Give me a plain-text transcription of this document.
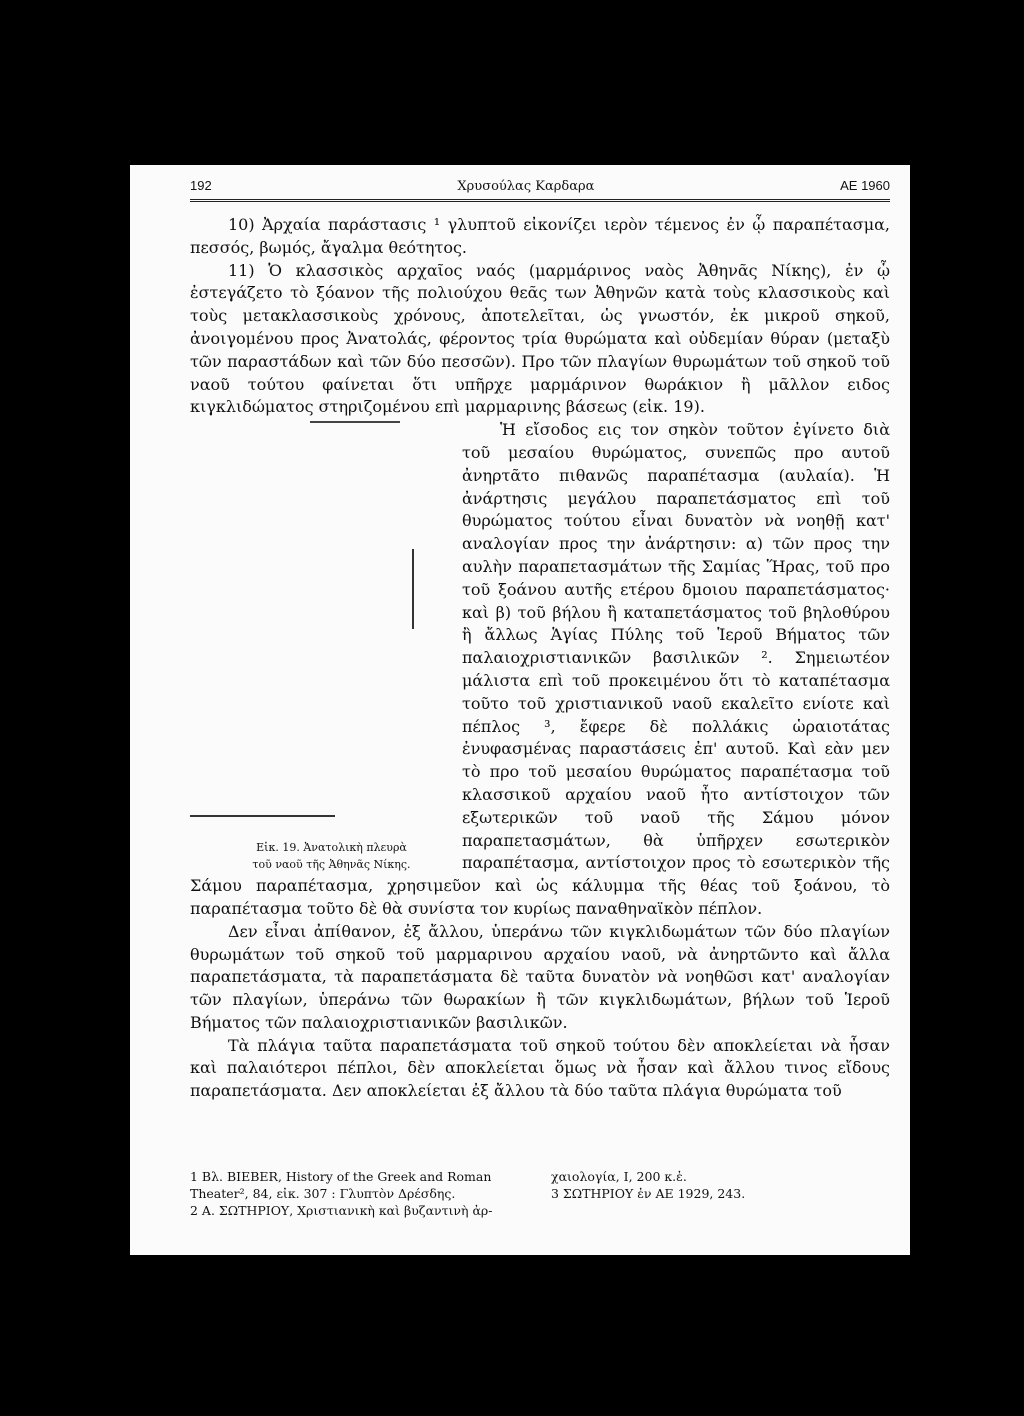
192	Χρυσούλας Καρδαρα	ΑΕ 1960

10) Ἀρχαία παράστασις ¹ γλυπτοῦ εἰκονίζει ιερὸν τέμενος ἐν ᾧ παραπέτασμα, πεσσός, βωμός, ἄγαλμα θεότητος.

11) Ὁ κλασσικὸς αρχαῖος ναός (μαρμάρινος ναὸς Ἀθηνᾶς Νίκης), ἐν ᾧ ἐστεγάζετο τὸ ξόανον τῆς πολιούχου θεᾶς των Ἀθηνῶν κατὰ τοὺς κλασσικοὺς καὶ τοὺς μετακλασσικοὺς χρόνους, ἀποτελεῖται, ὡς γνωστόν, ἐκ μικροῦ σηκοῦ, ἀνοιγομένου προς Ἀνατολάς, φέροντος τρία θυρώματα καὶ οὐδεμίαν θύραν (μεταξὺ τῶν παραστάδων καὶ τῶν δύο πεσσῶν). Προ τῶν πλαγίων θυρωμάτων τοῦ σηκοῦ τοῦ ναοῦ τούτου φαίνεται ὅτι υπῆρχε μαρμάρινον θωράκιον ἢ μᾶλλον ειδος κιγκλιδώματος στηριζομένου επὶ μαρμαρινης βάσεως (εἰκ. 19).

Εἰκ. 19. Ἀνατολικὴ πλευρὰ
τοῦ ναοῦ τῆς Ἀθηνᾶς Νίκης.

Ἡ εἴσοδος εις τον σηκὸν τοῦτον ἐγίνετο διὰ τοῦ μεσαίου θυρώματος, συνεπῶς προ αυτοῦ ἀνηρτᾶτο πιθανῶς παραπέτασμα (αυλαία). Ἡ ἀνάρτησις μεγάλου παραπετάσματος επὶ τοῦ θυρώματος τούτου εἶναι δυνατὸν νὰ νοηθῇ κατ' αναλογίαν προς την ἀνάρτησιν: α) τῶν προς την αυλὴν παραπετασμάτων τῆς Σαμίας Ἥρας, τοῦ προ τοῦ ξοάνου αυτῆς ετέρου δμοιου παραπετάσματος· καὶ β) τοῦ βήλου ἢ καταπετάσματος τοῦ βηλοθύρου ἢ ἄλλως Ἁγίας Πύλης τοῦ Ἱεροῦ Βήματος τῶν παλαιοχριστιανικῶν βασιλικῶν ². Σημειωτέον μάλιστα επὶ τοῦ προκειμένου ὅτι τὸ καταπέτασμα τοῦτο τοῦ χριστιανικοῦ ναοῦ εκαλεῖτο ενίοτε καὶ πέπλος ³, ἔφερε δὲ πολλάκις ὡραιοτάτας ἐνυφασμένας παραστάσεις ἐπ' αυτοῦ. Καὶ εὰν μεν τὸ προ τοῦ μεσαίου θυρώματος παραπέτασμα τοῦ κλασσικοῦ αρχαίου ναοῦ ἦτο αντίστοιχον τῶν εξωτερικῶν τοῦ ναοῦ τῆς Σάμου μόνον παραπετασμάτων, θὰ ὑπῆρχεν εσωτερικὸν παραπέτασμα, αντίστοιχον προς τὸ εσωτερικὸν τῆς Σάμου παραπέτασμα, χρησιμεῦον καὶ ὡς κάλυμμα τῆς θέας τοῦ ξοάνου, τὸ παραπέτασμα τοῦτο δὲ θὰ συνίστα τον κυρίως παναθηναϊκὸν πέπλον.

Δεν εἶναι ἀπίθανον, ἐξ ἄλλου, ὑπεράνω τῶν κιγκλιδωμάτων τῶν δύο πλαγίων θυρωμάτων τοῦ σηκοῦ τοῦ μαρμαρινου αρχαίου ναοῦ, νὰ ἀνηρτῶντο καὶ ἄλλα παραπετάσματα, τὰ παραπετάσματα δὲ ταῦτα δυνατὸν νὰ νοηθῶσι κατ' αναλογίαν τῶν πλαγίων, ὑπεράνω τῶν θωρακίων ἢ τῶν κιγκλιδωμάτων, βήλων τοῦ Ἱεροῦ Βήματος τῶν παλαιοχριστιανικῶν βασιλικῶν.

Τὰ πλάγια ταῦτα παραπετάσματα τοῦ σηκοῦ τούτου δὲν αποκλείεται νὰ ἦσαν καὶ παλαιότεροι πέπλοι, δὲν αποκλείεται ὅμως νὰ ἦσαν καὶ ἄλλου τινος εἴδους παραπετάσματα. Δεν αποκλείεται ἐξ ἄλλου τὰ δύο ταῦτα πλάγια θυρώματα τοῦ

1 Βλ. BIEBER, History of the Greek and Roman
Theater², 84, εἰκ. 307 : Γλυπτὸν Δρέσδης.
2 Α. ΣΩΤΗΡΙΟΥ, Χριστιανικὴ καὶ βυζαντινὴ ἀρ-
χαιολογία, Ι, 200 κ.ἑ.
3 ΣΩΤΗΡΙΟΥ ἐν ΑΕ 1929, 243.
